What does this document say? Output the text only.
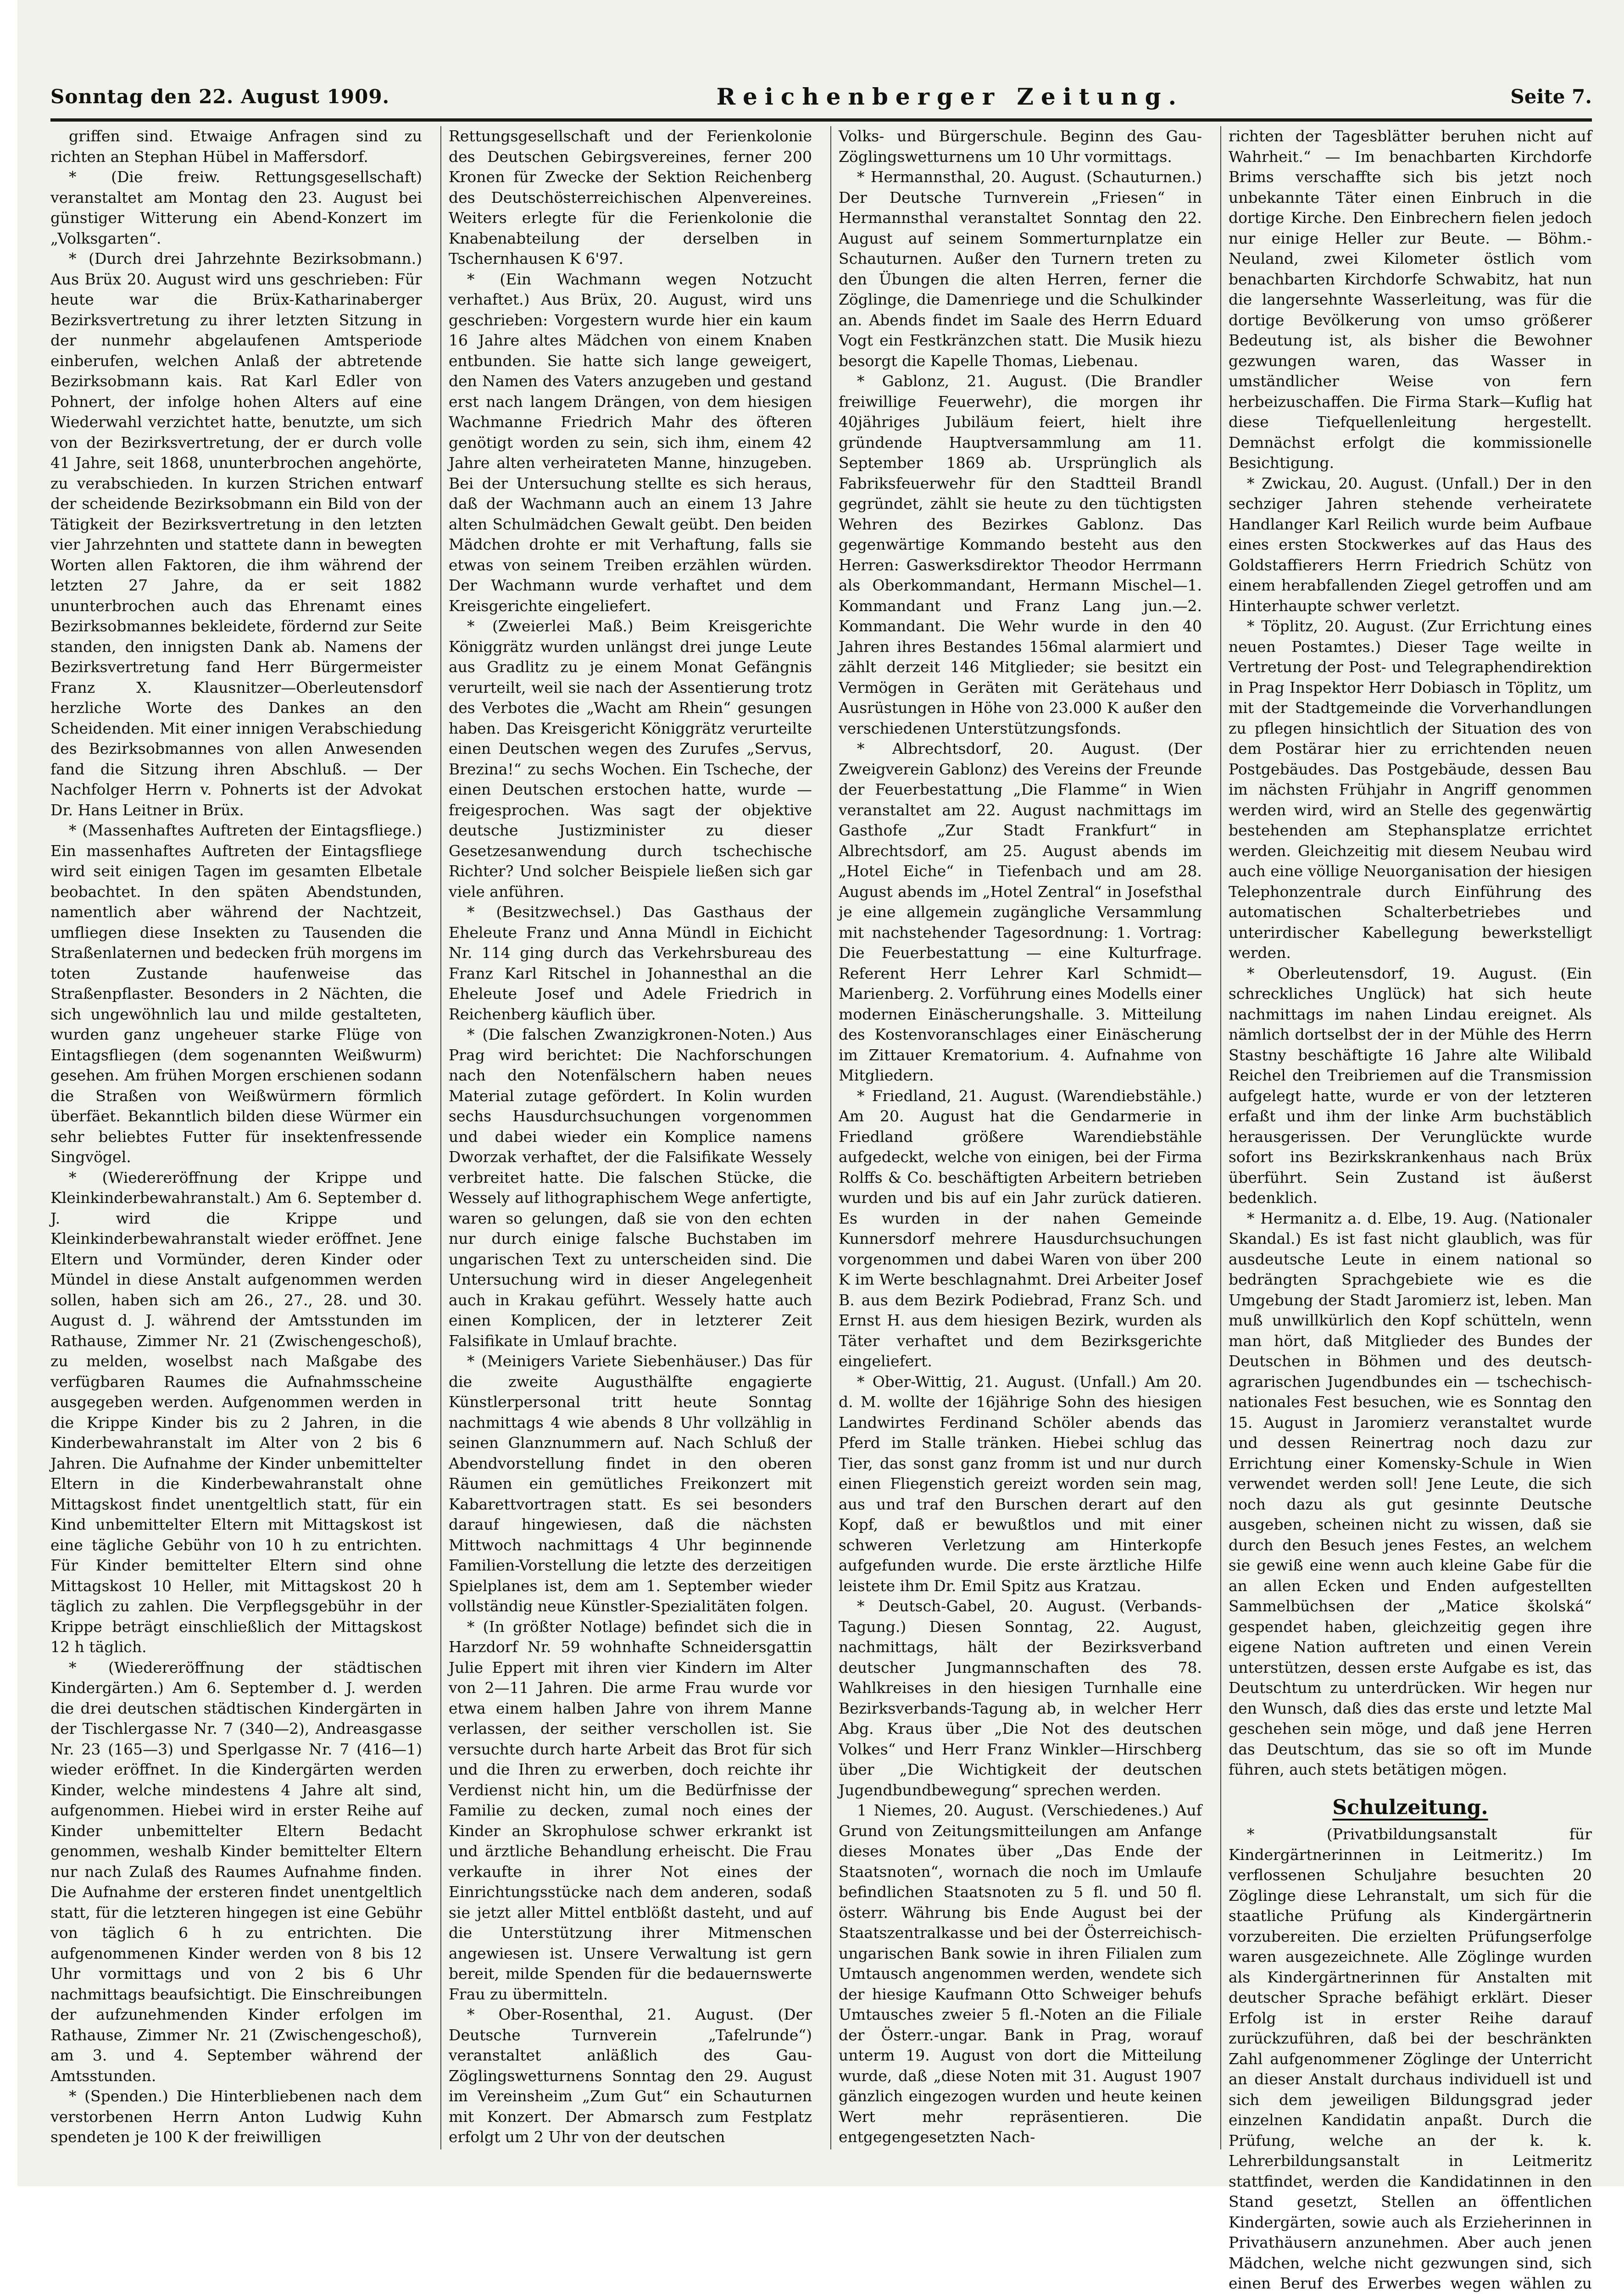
Sonntag den 22. August 1909.	Reichenberger Zeitung.	Seite 7.

griffen sind. Etwaige Anfragen sind zu richten an Stephan Hübel in Maffersdorf.

* (Die freiw. Rettungsgesellschaft) veranstaltet am Montag den 23. August bei günstiger Witterung ein Abend-Konzert im „Volksgarten“.

* (Durch drei Jahrzehnte Bezirksobmann.) Aus Brüx 20. August wird uns geschrieben: Für heute war die Brüx-Katharinaberger Bezirksvertretung zu ihrer letzten Sitzung in der nunmehr abgelaufenen Amtsperiode einberufen, welchen Anlaß der abtretende Bezirksobmann kais. Rat Karl Edler von Pohnert, der infolge hohen Alters auf eine Wiederwahl verzichtet hatte, benutzte, um sich von der Bezirksvertretung, der er durch volle 41 Jahre, seit 1868, ununterbrochen angehörte, zu verabschieden. In kurzen Strichen entwarf der scheidende Bezirksobmann ein Bild von der Tätigkeit der Bezirksvertretung in den letzten vier Jahrzehnten und stattete dann in bewegten Worten allen Faktoren, die ihm während der letzten 27 Jahre, da er seit 1882 ununterbrochen auch das Ehrenamt eines Bezirksobmannes bekleidete, fördernd zur Seite standen, den innigsten Dank ab. Namens der Bezirksvertretung fand Herr Bürgermeister Franz X. Klausnitzer—Oberleutensdorf herzliche Worte des Dankes an den Scheidenden. Mit einer innigen Verabschiedung des Bezirksobmannes von allen Anwesenden fand die Sitzung ihren Abschluß. — Der Nachfolger Herrn v. Pohnerts ist der Advokat Dr. Hans Leitner in Brüx.

* (Massenhaftes Auftreten der Eintagsfliege.) Ein massenhaftes Auftreten der Eintagsfliege wird seit einigen Tagen im gesamten Elbetale beobachtet. In den späten Abendstunden, namentlich aber während der Nachtzeit, umfliegen diese Insekten zu Tausenden die Straßenlaternen und bedecken früh morgens im toten Zustande haufenweise das Straßenpflaster. Besonders in 2 Nächten, die sich ungewöhnlich lau und milde gestalteten, wurden ganz ungeheuer starke Flüge von Eintagsfliegen (dem sogenannten Weißwurm) gesehen. Am frühen Morgen erschienen sodann die Straßen von Weißwürmern förmlich überfäet. Bekanntlich bilden diese Würmer ein sehr beliebtes Futter für insektenfressende Singvögel.

* (Wiedereröffnung der Krippe und Kleinkinderbewahranstalt.) Am 6. September d. J. wird die Krippe und Kleinkinderbewahranstalt wieder eröffnet. Jene Eltern und Vormünder, deren Kinder oder Mündel in diese Anstalt aufgenommen werden sollen, haben sich am 26., 27., 28. und 30. August d. J. während der Amtsstunden im Rathause, Zimmer Nr. 21 (Zwischengeschoß), zu melden, woselbst nach Maßgabe des verfügbaren Raumes die Aufnahmsscheine ausgegeben werden. Aufgenommen werden in die Krippe Kinder bis zu 2 Jahren, in die Kinderbewahranstalt im Alter von 2 bis 6 Jahren. Die Aufnahme der Kinder unbemittelter Eltern in die Kinderbewahranstalt ohne Mittagskost findet unentgeltlich statt, für ein Kind unbemittelter Eltern mit Mittagskost ist eine tägliche Gebühr von 10 h zu entrichten. Für Kinder bemittelter Eltern sind ohne Mittagskost 10 Heller, mit Mittagskost 20 h täglich zu zahlen. Die Verpflegsgebühr in der Krippe beträgt einschließlich der Mittagskost 12 h täglich.

* (Wiedereröffnung der städtischen Kindergärten.) Am 6. September d. J. werden die drei deutschen städtischen Kindergärten in der Tischlergasse Nr. 7 (340—2), Andreasgasse Nr. 23 (165—3) und Sperlgasse Nr. 7 (416—1) wieder eröffnet. In die Kindergärten werden Kinder, welche mindestens 4 Jahre alt sind, aufgenommen. Hiebei wird in erster Reihe auf Kinder unbemittelter Eltern Bedacht genommen, weshalb Kinder bemittelter Eltern nur nach Zulaß des Raumes Aufnahme finden. Die Aufnahme der ersteren findet unentgeltlich statt, für die letzteren hingegen ist eine Gebühr von täglich 6 h zu entrichten. Die aufgenommenen Kinder werden von 8 bis 12 Uhr vormittags und von 2 bis 6 Uhr nachmittags beaufsichtigt. Die Einschreibungen der aufzunehmenden Kinder erfolgen im Rathause, Zimmer Nr. 21 (Zwischengeschoß), am 3. und 4. September während der Amtsstunden.

* (Spenden.) Die Hinterbliebenen nach dem verstorbenen Herrn Anton Ludwig Kuhn spendeten je 100 K der freiwilligen

Rettungsgesellschaft und der Ferienkolonie des Deutschen Gebirgsvereines, ferner 200 Kronen für Zwecke der Sektion Reichenberg des Deutschösterreichischen Alpenvereines. Weiters erlegte für die Ferienkolonie die Knabenabteilung der derselben in Tschernhausen K 6'97.

* (Ein Wachmann wegen Notzucht verhaftet.) Aus Brüx, 20. August, wird uns geschrieben: Vorgestern wurde hier ein kaum 16 Jahre altes Mädchen von einem Knaben entbunden. Sie hatte sich lange geweigert, den Namen des Vaters anzugeben und gestand erst nach langem Drängen, von dem hiesigen Wachmanne Friedrich Mahr des öfteren genötigt worden zu sein, sich ihm, einem 42 Jahre alten verheirateten Manne, hinzugeben. Bei der Untersuchung stellte es sich heraus, daß der Wachmann auch an einem 13 Jahre alten Schulmädchen Gewalt geübt. Den beiden Mädchen drohte er mit Verhaftung, falls sie etwas von seinem Treiben erzählen würden. Der Wachmann wurde verhaftet und dem Kreisgerichte eingeliefert.

* (Zweierlei Maß.) Beim Kreisgerichte Königgrätz wurden unlängst drei junge Leute aus Gradlitz zu je einem Monat Gefängnis verurteilt, weil sie nach der Assentierung trotz des Verbotes die „Wacht am Rhein“ gesungen haben. Das Kreisgericht Königgrätz verurteilte einen Deutschen wegen des Zurufes „Servus, Brezina!“ zu sechs Wochen. Ein Tscheche, der einen Deutschen erstochen hatte, wurde — freigesprochen. Was sagt der objektive deutsche Justizminister zu dieser Gesetzesanwendung durch tschechische Richter? Und solcher Beispiele ließen sich gar viele anführen.

* (Besitzwechsel.) Das Gasthaus der Eheleute Franz und Anna Mündl in Eichicht Nr. 114 ging durch das Verkehrsbureau des Franz Karl Ritschel in Johannesthal an die Eheleute Josef und Adele Friedrich in Reichenberg käuflich über.

* (Die falschen Zwanzigkronen-Noten.) Aus Prag wird berichtet: Die Nachforschungen nach den Notenfälschern haben neues Material zutage gefördert. In Kolin wurden sechs Hausdurchsuchungen vorgenommen und dabei wieder ein Komplice namens Dworzak verhaftet, der die Falsifikate Wessely verbreitet hatte. Die falschen Stücke, die Wessely auf lithographischem Wege anfertigte, waren so gelungen, daß sie von den echten nur durch einige falsche Buchstaben im ungarischen Text zu unterscheiden sind. Die Untersuchung wird in dieser Angelegenheit auch in Krakau geführt. Wessely hatte auch einen Komplicen, der in letzterer Zeit Falsifikate in Umlauf brachte.

* (Meinigers Variete Siebenhäuser.) Das für die zweite Augusthälfte engagierte Künstlerpersonal tritt heute Sonntag nachmittags 4 wie abends 8 Uhr vollzählig in seinen Glanznummern auf. Nach Schluß der Abendvorstellung findet in den oberen Räumen ein gemütliches Freikonzert mit Kabarettvortragen statt. Es sei besonders darauf hingewiesen, daß die nächsten Mittwoch nachmittags 4 Uhr beginnende Familien-Vorstellung die letzte des derzeitigen Spielplanes ist, dem am 1. September wieder vollständig neue Künstler-Spezialitäten folgen.

* (In größter Notlage) befindet sich die in Harzdorf Nr. 59 wohnhafte Schneidersgattin Julie Eppert mit ihren vier Kindern im Alter von 2—11 Jahren. Die arme Frau wurde vor etwa einem halben Jahre von ihrem Manne verlassen, der seither verschollen ist. Sie versuchte durch harte Arbeit das Brot für sich und die Ihren zu erwerben, doch reichte ihr Verdienst nicht hin, um die Bedürfnisse der Familie zu decken, zumal noch eines der Kinder an Skrophulose schwer erkrankt ist und ärztliche Behandlung erheischt. Die Frau verkaufte in ihrer Not eines der Einrichtungsstücke nach dem anderen, sodaß sie jetzt aller Mittel entblößt dasteht, und auf die Unterstützung ihrer Mitmenschen angewiesen ist. Unsere Verwaltung ist gern bereit, milde Spenden für die bedauernswerte Frau zu übermitteln.

* Ober-Rosenthal, 21. August. (Der Deutsche Turnverein „Tafelrunde“) veranstaltet anläßlich des Gau-Zöglingswetturnens Sonntag den 29. August im Vereinsheim „Zum Gut“ ein Schauturnen mit Konzert. Der Abmarsch zum Festplatz erfolgt um 2 Uhr von der deutschen

Volks- und Bürgerschule. Beginn des Gau-Zöglingswetturnens um 10 Uhr vormittags.

* Hermannsthal, 20. August. (Schauturnen.) Der Deutsche Turnverein „Friesen“ in Hermannsthal veranstaltet Sonntag den 22. August auf seinem Sommerturnplatze ein Schauturnen. Außer den Turnern treten zu den Übungen die alten Herren, ferner die Zöglinge, die Damenriege und die Schulkinder an. Abends findet im Saale des Herrn Eduard Vogt ein Festkränzchen statt. Die Musik hiezu besorgt die Kapelle Thomas, Liebenau.

* Gablonz, 21. August. (Die Brandler freiwillige Feuerwehr), die morgen ihr 40jähriges Jubiläum feiert, hielt ihre gründende Hauptversammlung am 11. September 1869 ab. Ursprünglich als Fabriksfeuerwehr für den Stadtteil Brandl gegründet, zählt sie heute zu den tüchtigsten Wehren des Bezirkes Gablonz. Das gegenwärtige Kommando besteht aus den Herren: Gaswerksdirektor Theodor Herrmann als Oberkommandant, Hermann Mischel—1. Kommandant und Franz Lang jun.—2. Kommandant. Die Wehr wurde in den 40 Jahren ihres Bestandes 156mal alarmiert und zählt derzeit 146 Mitglieder; sie besitzt ein Vermögen in Geräten mit Gerätehaus und Ausrüstungen in Höhe von 23.000 K außer den verschiedenen Unterstützungsfonds.

* Albrechtsdorf, 20. August. (Der Zweigverein Gablonz) des Vereins der Freunde der Feuerbestattung „Die Flamme“ in Wien veranstaltet am 22. August nachmittags im Gasthofe „Zur Stadt Frankfurt“ in Albrechtsdorf, am 25. August abends im „Hotel Eiche“ in Tiefenbach und am 28. August abends im „Hotel Zentral“ in Josefsthal je eine allgemein zugängliche Versammlung mit nachstehender Tagesordnung: 1. Vortrag: Die Feuerbestattung — eine Kulturfrage. Referent Herr Lehrer Karl Schmidt—Marienberg. 2. Vorführung eines Modells einer modernen Einäscherungshalle. 3. Mitteilung des Kostenvoranschlages einer Einäscherung im Zittauer Krematorium. 4. Aufnahme von Mitgliedern.

* Friedland, 21. August. (Warendiebstähle.) Am 20. August hat die Gendarmerie in Friedland größere Warendiebstähle aufgedeckt, welche von einigen, bei der Firma Rolffs & Co. beschäftigten Arbeitern betrieben wurden und bis auf ein Jahr zurück datieren. Es wurden in der nahen Gemeinde Kunnersdorf mehrere Hausdurchsuchungen vorgenommen und dabei Waren von über 200 K im Werte beschlagnahmt. Drei Arbeiter Josef B. aus dem Bezirk Podiebrad, Franz Sch. und Ernst H. aus dem hiesigen Bezirk, wurden als Täter verhaftet und dem Bezirksgerichte eingeliefert.

* Ober-Wittig, 21. August. (Unfall.) Am 20. d. M. wollte der 16jährige Sohn des hiesigen Landwirtes Ferdinand Schöler abends das Pferd im Stalle tränken. Hiebei schlug das Tier, das sonst ganz fromm ist und nur durch einen Fliegenstich gereizt worden sein mag, aus und traf den Burschen derart auf den Kopf, daß er bewußtlos und mit einer schweren Verletzung am Hinterkopfe aufgefunden wurde. Die erste ärztliche Hilfe leistete ihm Dr. Emil Spitz aus Kratzau.

* Deutsch-Gabel, 20. August. (Verbands-Tagung.) Diesen Sonntag, 22. August, nachmittags, hält der Bezirksverband deutscher Jungmannschaften des 78. Wahlkreises in den hiesigen Turnhalle eine Bezirksverbands-Tagung ab, in welcher Herr Abg. Kraus über „Die Not des deutschen Volkes“ und Herr Franz Winkler—Hirschberg über „Die Wichtigkeit der deutschen Jugendbundbewegung“ sprechen werden.

1 Niemes, 20. August. (Verschiedenes.) Auf Grund von Zeitungsmitteilungen am Anfange dieses Monates über „Das Ende der Staatsnoten“, wornach die noch im Umlaufe befindlichen Staatsnoten zu 5 fl. und 50 fl. österr. Währung bis Ende August bei der Staatszentralkasse und bei der Österreichisch-ungarischen Bank sowie in ihren Filialen zum Umtausch angenommen werden, wendete sich der hiesige Kaufmann Otto Schweiger behufs Umtausches zweier 5 fl.-Noten an die Filiale der Österr.-ungar. Bank in Prag, worauf unterm 19. August von dort die Mitteilung wurde, daß „diese Noten mit 31. August 1907 gänzlich eingezogen wurden und heute keinen Wert mehr repräsentieren. Die entgegengesetzten Nach-

richten der Tagesblätter beruhen nicht auf Wahrheit.“ — Im benachbarten Kirchdorfe Brims verschaffte sich bis jetzt noch unbekannte Täter einen Einbruch in die dortige Kirche. Den Einbrechern fielen jedoch nur einige Heller zur Beute. — Böhm.-Neuland, zwei Kilometer östlich vom benachbarten Kirchdorfe Schwabitz, hat nun die langersehnte Wasserleitung, was für die dortige Bevölkerung von umso größerer Bedeutung ist, als bisher die Bewohner gezwungen waren, das Wasser in umständlicher Weise von fern herbeizuschaffen. Die Firma Stark—Kuflig hat diese Tiefquellenleitung hergestellt. Demnächst erfolgt die kommissionelle Besichtigung.

* Zwickau, 20. August. (Unfall.) Der in den sechziger Jahren stehende verheiratete Handlanger Karl Reilich wurde beim Aufbaue eines ersten Stockwerkes auf das Haus des Goldstaffierers Herrn Friedrich Schütz von einem herabfallenden Ziegel getroffen und am Hinterhaupte schwer verletzt.

* Töplitz, 20. August. (Zur Errichtung eines neuen Postamtes.) Dieser Tage weilte in Vertretung der Post- und Telegraphendirektion in Prag Inspektor Herr Dobiasch in Töplitz, um mit der Stadtgemeinde die Vorverhandlungen zu pflegen hinsichtlich der Situation des von dem Postärar hier zu errichtenden neuen Postgebäudes. Das Postgebäude, dessen Bau im nächsten Frühjahr in Angriff genommen werden wird, wird an Stelle des gegenwärtig bestehenden am Stephansplatze errichtet werden. Gleichzeitig mit diesem Neubau wird auch eine völlige Neuorganisation der hiesigen Telephonzentrale durch Einführung des automatischen Schalterbetriebes und unterirdischer Kabellegung bewerkstelligt werden.

* Oberleutensdorf, 19. August. (Ein schreckliches Unglück) hat sich heute nachmittags im nahen Lindau ereignet. Als nämlich dortselbst der in der Mühle des Herrn Stastny beschäftigte 16 Jahre alte Wilibald Reichel den Treibriemen auf die Transmission aufgelegt hatte, wurde er von der letzteren erfaßt und ihm der linke Arm buchstäblich herausgerissen. Der Verunglückte wurde sofort ins Bezirkskrankenhaus nach Brüx überführt. Sein Zustand ist äußerst bedenklich.

* Hermanitz a. d. Elbe, 19. Aug. (Nationaler Skandal.) Es ist fast nicht glaublich, was für ausdeutsche Leute in einem national so bedrängten Sprachgebiete wie es die Umgebung der Stadt Jaromierz ist, leben. Man muß unwillkürlich den Kopf schütteln, wenn man hört, daß Mitglieder des Bundes der Deutschen in Böhmen und des deutsch-agrarischen Jugendbundes ein — tschechisch-nationales Fest besuchen, wie es Sonntag den 15. August in Jaromierz veranstaltet wurde und dessen Reinertrag noch dazu zur Errichtung einer Komensky-Schule in Wien verwendet werden soll! Jene Leute, die sich noch dazu als gut gesinnte Deutsche ausgeben, scheinen nicht zu wissen, daß sie durch den Besuch jenes Festes, an welchem sie gewiß eine wenn auch kleine Gabe für die an allen Ecken und Enden aufgestellten Sammelbüchsen der „Matice školská“ gespendet haben, gleichzeitig gegen ihre eigene Nation auftreten und einen Verein unterstützen, dessen erste Aufgabe es ist, das Deutschtum zu unterdrücken. Wir hegen nur den Wunsch, daß dies das erste und letzte Mal geschehen sein möge, und daß jene Herren das Deutschtum, das sie so oft im Munde führen, auch stets betätigen mögen.

Schulzeitung.

* (Privatbildungsanstalt für Kindergärtnerinnen in Leitmeritz.) Im verflossenen Schuljahre besuchten 20 Zöglinge diese Lehranstalt, um sich für die staatliche Prüfung als Kindergärtnerin vorzubereiten. Die erzielten Prüfungserfolge waren ausgezeichnete. Alle Zöglinge wurden als Kindergärtnerinnen für Anstalten mit deutscher Sprache befähigt erklärt. Dieser Erfolg ist in erster Reihe darauf zurückzuführen, daß bei der beschränkten Zahl aufgenommener Zöglinge der Unterricht an dieser Anstalt durchaus individuell ist und sich dem jeweiligen Bildungsgrad jeder einzelnen Kandidatin anpaßt. Durch die Prüfung, welche an der k. k. Lehrerbildungsanstalt in Leitmeritz stattfindet, werden die Kandidatinnen in den Stand gesetzt, Stellen an öffentlichen Kindergärten, sowie auch als Erzieherinnen in Privathäusern anzunehmen. Aber auch jenen Mädchen, welche nicht gezwungen sind, sich einen Beruf des Erwerbes wegen wählen zu
